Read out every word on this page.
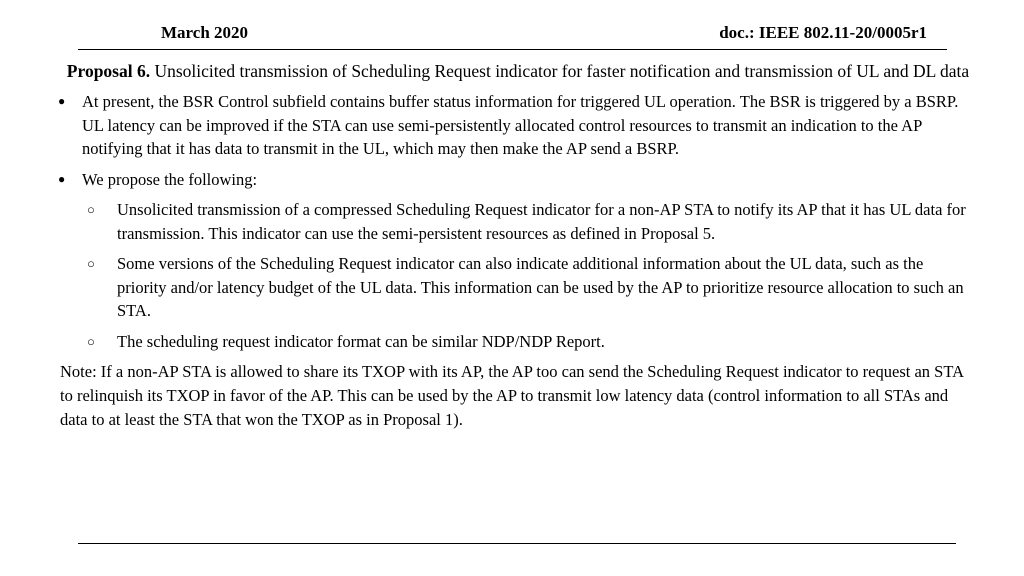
March 2020	doc.: IEEE 802.11-20/0005r1
Proposal 6. Unsolicited transmission of Scheduling Request indicator for faster notification and transmission of UL and DL data
● At present, the BSR Control subfield contains buffer status information for triggered UL operation. The BSR is triggered by a BSRP. UL latency can be improved if the STA can use semi-persistently allocated control resources to transmit an indication to the AP notifying that it has data to transmit in the UL, which may then make the AP send a BSRP.
● We propose the following:
○ Unsolicited transmission of a compressed Scheduling Request indicator for a non-AP STA to notify its AP that it has UL data for transmission. This indicator can use the semi-persistent resources as defined in Proposal 5.
○ Some versions of the Scheduling Request indicator can also indicate additional information about the UL data, such as the priority and/or latency budget of the UL data. This information can be used by the AP to prioritize resource allocation to such an STA.
○ The scheduling request indicator format can be similar NDP/NDP Report.
Note: If a non-AP STA is allowed to share its TXOP with its AP, the AP too can send the Scheduling Request indicator to request an STA to relinquish its TXOP in favor of the AP. This can be used by the AP to transmit low latency data (control information to all STAs and data to at least the STA that won the TXOP as in Proposal 1).
